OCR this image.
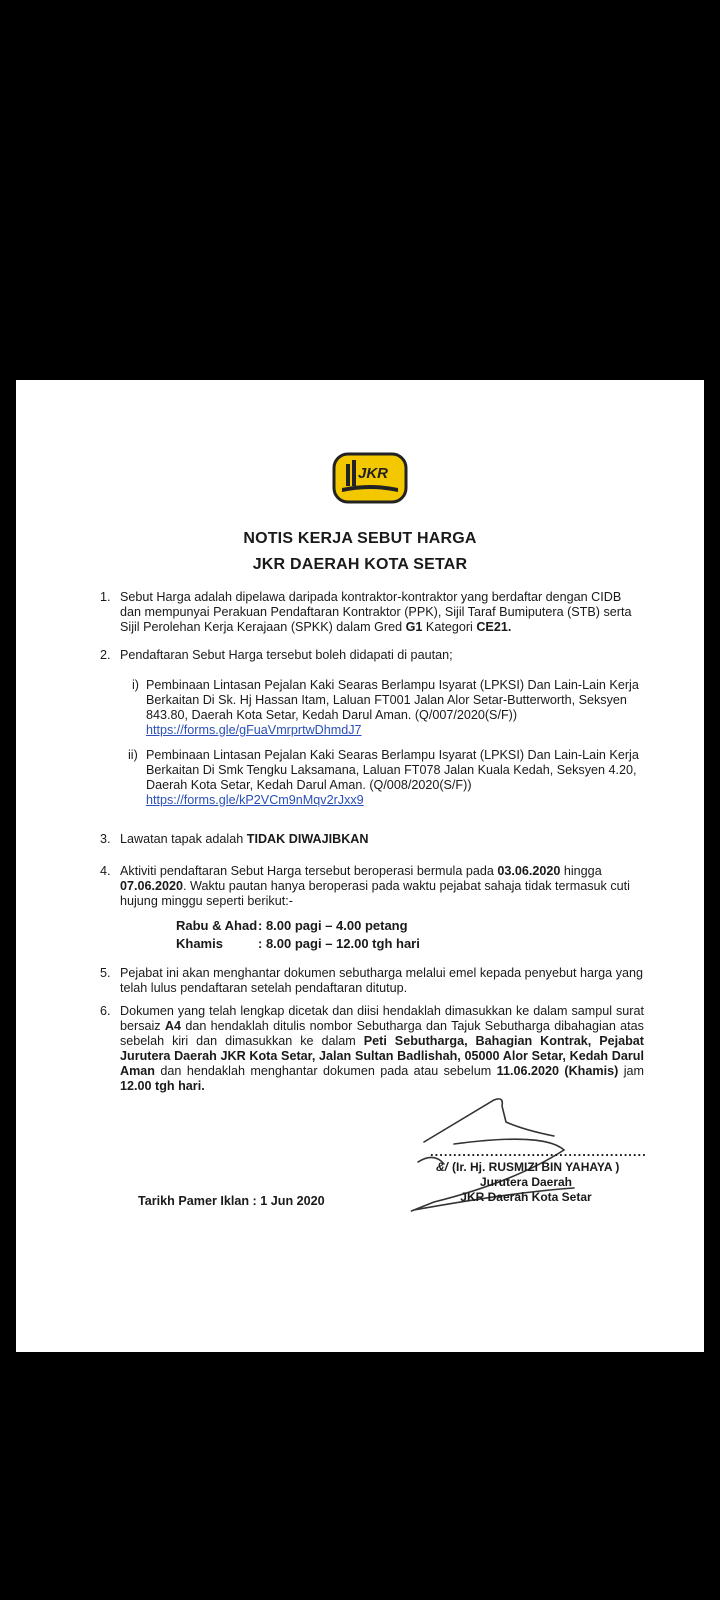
JKR
NOTIS KERJA SEBUT HARGA
JKR DAERAH KOTA SETAR
1. Sebut Harga adalah dipelawa daripada kontraktor-kontraktor yang berdaftar dengan CIDB dan mempunyai Perakuan Pendaftaran Kontraktor (PPK), Sijil Taraf Bumiputera (STB) serta Sijil Perolehan Kerja Kerajaan (SPKK) dalam Gred G1 Kategori CE21.
2. Pendaftaran Sebut Harga tersebut boleh didapati di pautan;
i) Pembinaan Lintasan Pejalan Kaki Searas Berlampu Isyarat (LPKSI) Dan Lain-Lain Kerja Berkaitan Di Sk. Hj Hassan Itam, Laluan FT001 Jalan Alor Setar-Butterworth, Seksyen 843.80, Daerah Kota Setar, Kedah Darul Aman. (Q/007/2020(S/F))
https://forms.gle/gFuaVmrprtwDhmdJ7
ii) Pembinaan Lintasan Pejalan Kaki Searas Berlampu Isyarat (LPKSI) Dan Lain-Lain Kerja Berkaitan Di Smk Tengku Laksamana, Laluan FT078 Jalan Kuala Kedah, Seksyen 4.20, Daerah Kota Setar, Kedah Darul Aman. (Q/008/2020(S/F))
https://forms.gle/kP2VCm9nMqv2rJxx9
3. Lawatan tapak adalah TIDAK DIWAJIBKAN
4. Aktiviti pendaftaran Sebut Harga tersebut beroperasi bermula pada 03.06.2020 hingga 07.06.2020. Waktu pautan hanya beroperasi pada waktu pejabat sahaja tidak termasuk cuti hujung minggu seperti berikut:-
Rabu & Ahad: 8.00 pagi – 4.00 petang
Khamis	: 8.00 pagi – 12.00 tgh hari
5. Pejabat ini akan menghantar dokumen sebutharga melalui emel kepada penyebut harga yang telah lulus pendaftaran setelah pendaftaran ditutup.
6. Dokumen yang telah lengkap dicetak dan diisi hendaklah dimasukkan ke dalam sampul surat bersaiz A4 dan hendaklah ditulis nombor Sebutharga dan Tajuk Sebutharga dibahagian atas sebelah kiri dan dimasukkan ke dalam Peti Sebutharga, Bahagian Kontrak, Pejabat Jurutera Daerah JKR Kota Setar, Jalan Sultan Badlishah, 05000 Alor Setar, Kedah Darul Aman dan hendaklah menghantar dokumen pada atau sebelum 11.06.2020 (Khamis) jam 12.00 tgh hari.
...............................................
&/ (Ir. Hj. RUSMIZI BIN YAHAYA )
Jurutera Daerah
JKR Daerah Kota Setar
Tarikh Pamer Iklan : 1 Jun 2020
